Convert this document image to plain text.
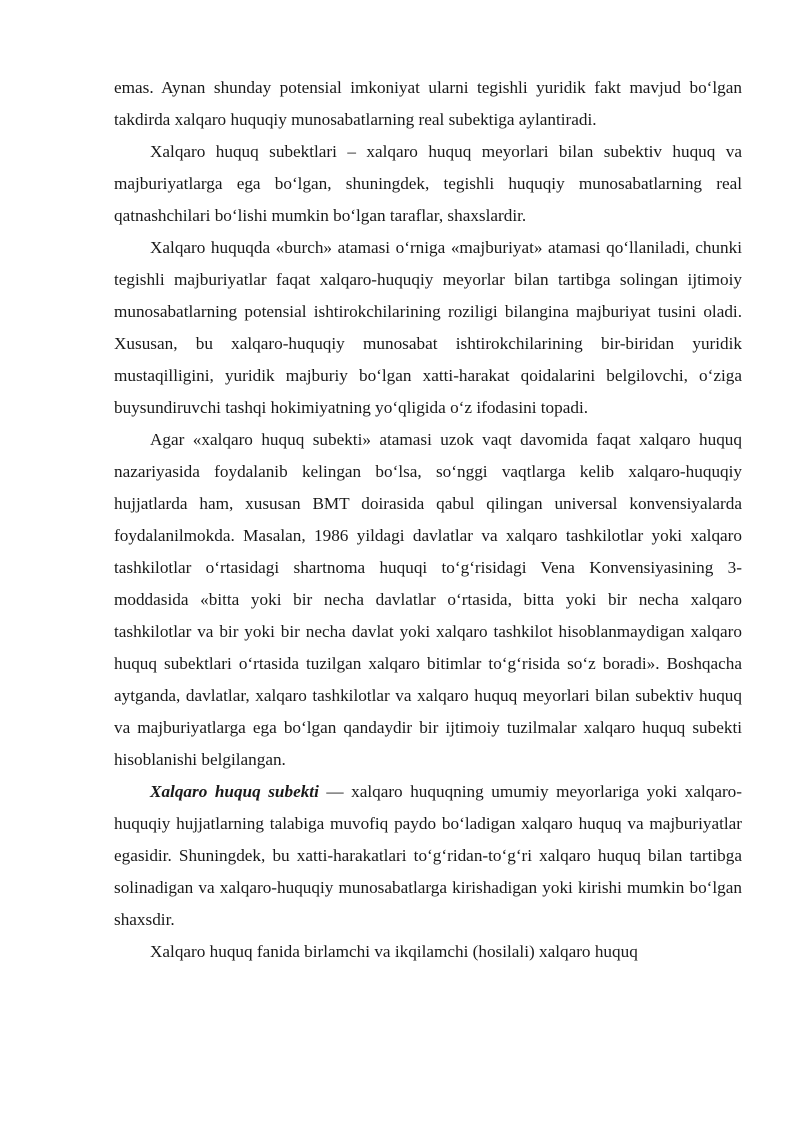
emas. Aynan shunday potensial imkoniyat ularni tegishli yuridik fakt mavjud boʻlgan takdirda xalqaro huquqiy munosabatlarning real subektiga aylantiradi.

Xalqaro huquq subektlari – xalqaro huquq meyorlari bilan subektiv huquq va majburiyatlarga ega boʻlgan, shuningdek, tegishli huquqiy munosabatlarning real qatnashchilari boʻlishi mumkin boʻlgan taraflar, shaxslardir.

Xalqaro huquqda «burch» atamasi oʻrniga «majburiyat» atamasi qoʻllaniladi, chunki tegishli majburiyatlar faqat xalqaro-huquqiy meyorlar bilan tartibga solingan ijtimoiy munosabatlarning potensial ishtirokchilarining roziligi bilangina majburiyat tusini oladi. Xususan, bu xalqaro-huquqiy munosabat ishtirokchilarining bir-biridan yuridik mustaqilligini, yuridik majburiy boʻlgan xatti-harakat qoidalarini belgilovchi, oʻziga buysundiruvchi tashqi hokimiyatning yoʻqligida oʻz ifodasini topadi.

Agar «xalqaro huquq subekti» atamasi uzok vaqt davomida faqat xalqaro huquq nazariyasida foydalanib kelingan boʻlsa, soʻnggi vaqtlarga kelib xalqaro-huquqiy hujjatlarda ham, xususan BMT doirasida qabul qilingan universal konvensiyalarda foydalanilmokda. Masalan, 1986 yildagi davlatlar va xalqaro tashkilotlar yoki xalqaro tashkilotlar oʻrtasidagi shartnoma huquqi toʻgʻrisidagi Vena Konvensiyasining 3-moddasida «bitta yoki bir necha davlatlar oʻrtasida, bitta yoki bir necha xalqaro tashkilotlar va bir yoki bir necha davlat yoki xalqaro tashkilot hisoblanmaydigan xalqaro huquq subektlari oʻrtasida tuzilgan xalqaro bitimlar toʻgʻrisida soʻz boradi». Boshqacha aytganda, davlatlar, xalqaro tashkilotlar va xalqaro huquq meyorlari bilan subektiv huquq va majburiyatlarga ega boʻlgan qandaydir bir ijtimoiy tuzilmalar xalqaro huquq subekti hisoblanishi belgilangan.

Xalqaro huquq subekti — xalqaro huquqning umumiy meyorlariga yoki xalqaro-huquqiy hujjatlarning talabiga muvofiq paydo boʻladigan xalqaro huquq va majburiyatlar egasidir. Shuningdek, bu xatti-harakatlari toʻgʻridan-toʻgʻri xalqaro huquq bilan tartibga solinadigan va xalqaro-huquqiy munosabatlarga kirishadigan yoki kirishi mumkin boʻlgan shaxsdir.

Xalqaro huquq fanida birlamchi va ikqilamchi (hosilali) xalqaro huquq
